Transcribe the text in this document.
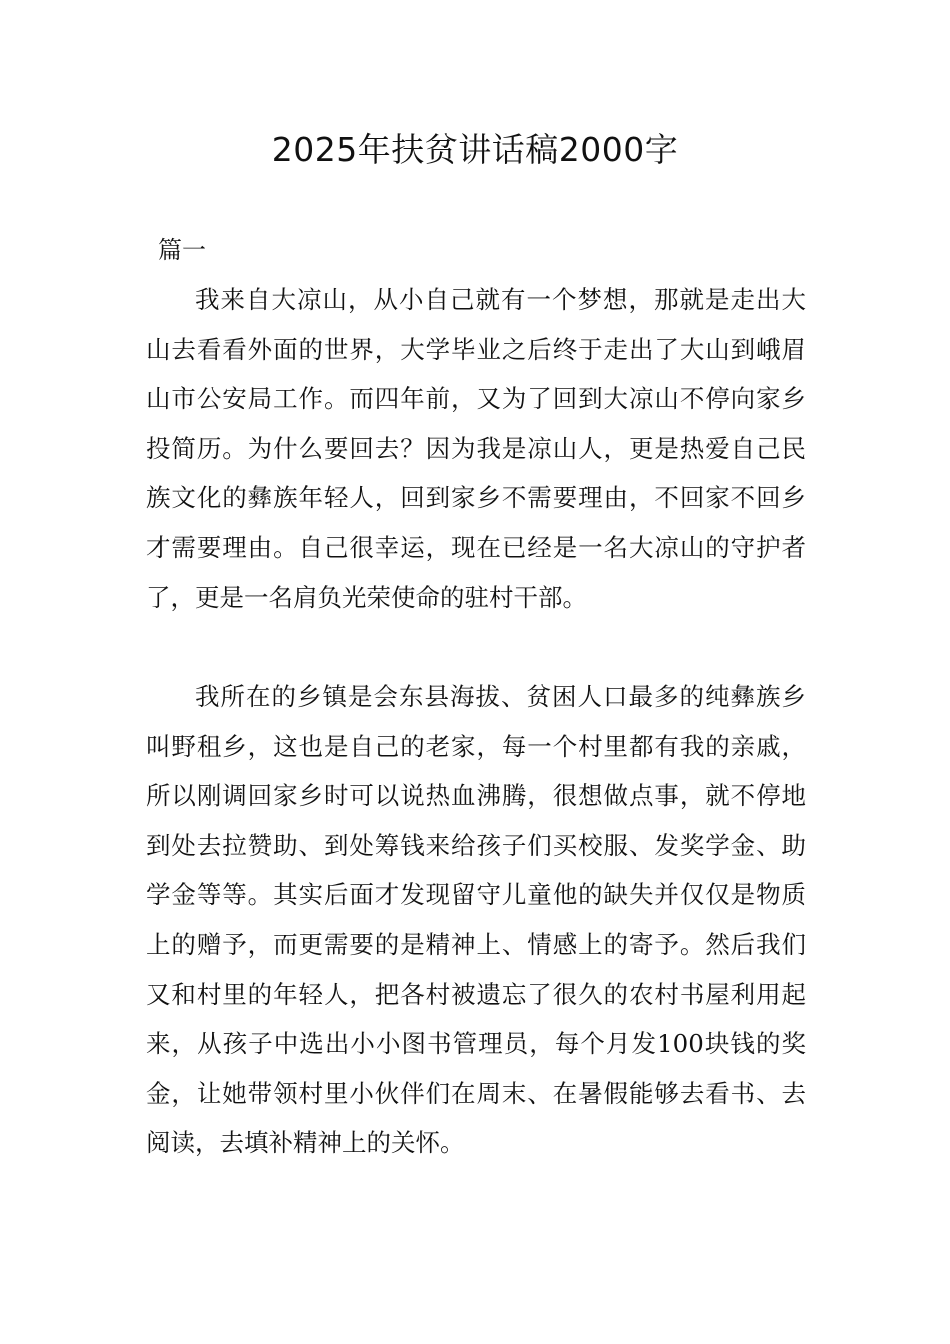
2025年扶贫讲话稿2000字

篇一

我来自大凉山，从小自己就有一个梦想，那就是走出大山去看看外面的世界，大学毕业之后终于走出了大山到峨眉山市公安局工作。而四年前，又为了回到大凉山不停向家乡投简历。为什么要回去？因为我是凉山人，更是热爱自己民族文化的彝族年轻人，回到家乡不需要理由，不回家不回乡才需要理由。自己很幸运，现在已经是一名大凉山的守护者了，更是一名肩负光荣使命的驻村干部。

我所在的乡镇是会东县海拔、贫困人口最多的纯彝族乡叫野租乡，这也是自己的老家，每一个村里都有我的亲戚，所以刚调回家乡时可以说热血沸腾，很想做点事，就不停地到处去拉赞助、到处筹钱来给孩子们买校服、发奖学金、助学金等等。其实后面才发现留守儿童他的缺失并仅仅是物质上的赠予，而更需要的是精神上、情感上的寄予。然后我们又和村里的年轻人，把各村被遗忘了很久的农村书屋利用起来，从孩子中选出小小图书管理员，每个月发100块钱的奖金，让她带领村里小伙伴们在周末、在暑假能够去看书、去阅读，去填补精神上的关怀。
